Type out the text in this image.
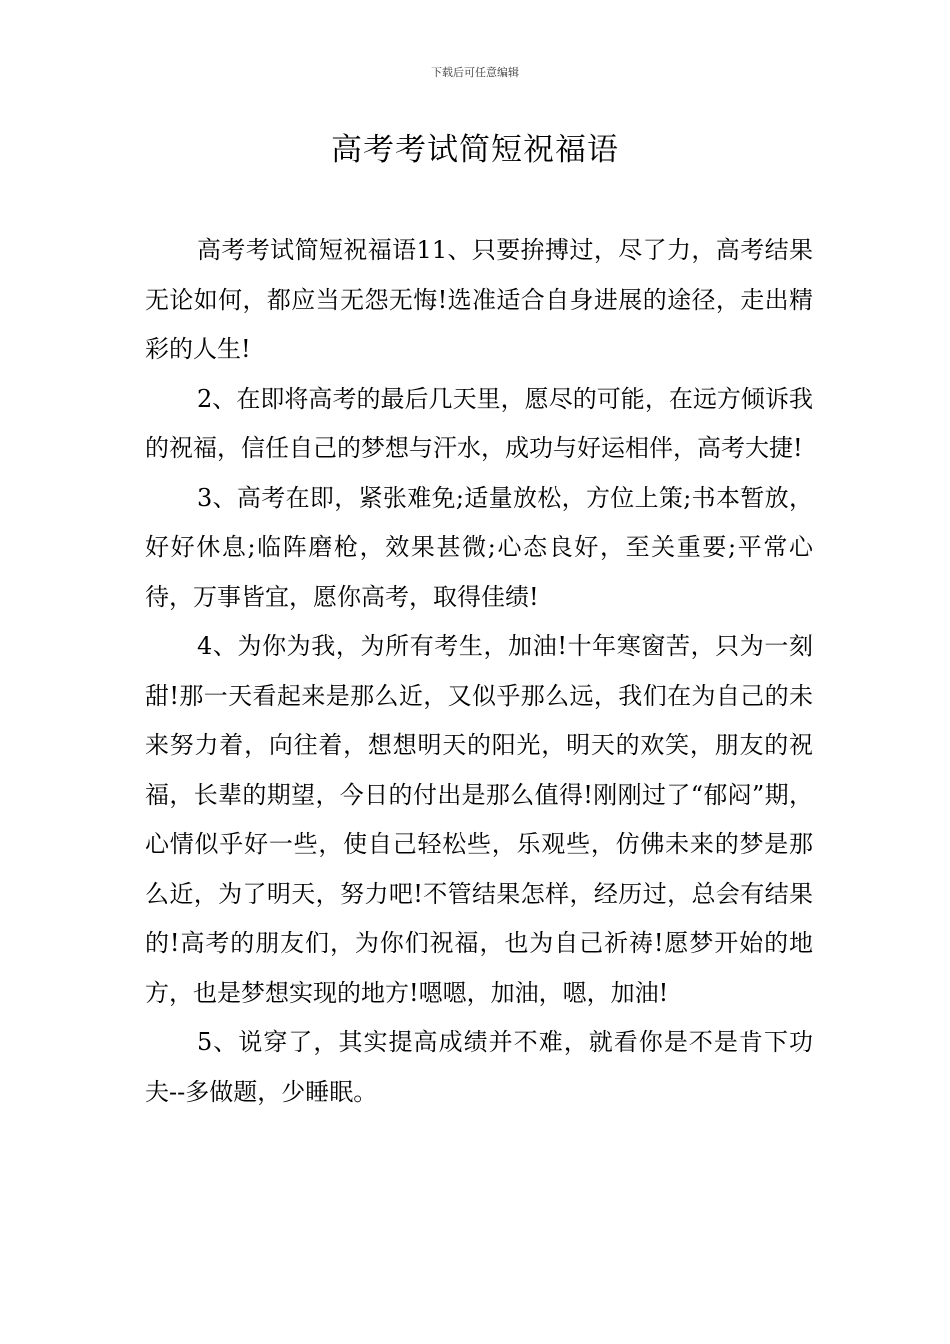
下载后可任意编辑
高考考试简短祝福语

高考考试简短祝福语11、只要拚搏过，尽了力，高考结果无论如何，都应当无怨无悔!选准适合自身进展的途径，走出精彩的人生!

2、在即将高考的最后几天里，愿尽的可能，在远方倾诉我的祝福，信任自己的梦想与汗水，成功与好运相伴，高考大捷!

3、高考在即，紧张难免;适量放松，方位上策;书本暂放，好好休息;临阵磨枪，效果甚微;心态良好，至关重要;平常心待，万事皆宜，愿你高考，取得佳绩!

4、为你为我，为所有考生，加油!十年寒窗苦，只为一刻甜!那一天看起来是那么近，又似乎那么远，我们在为自己的未来努力着，向往着，想想明天的阳光，明天的欢笑，朋友的祝福，长辈的期望，今日的付出是那么值得!刚刚过了“郁闷”期，心情似乎好一些，使自己轻松些，乐观些，仿佛未来的梦是那么近，为了明天，努力吧!不管结果怎样，经历过，总会有结果的!高考的朋友们，为你们祝福，也为自己祈祷!愿梦开始的地方，也是梦想实现的地方!嗯嗯，加油，嗯，加油!

5、说穿了，其实提高成绩并不难，就看你是不是肯下功夫--多做题，少睡眠。
